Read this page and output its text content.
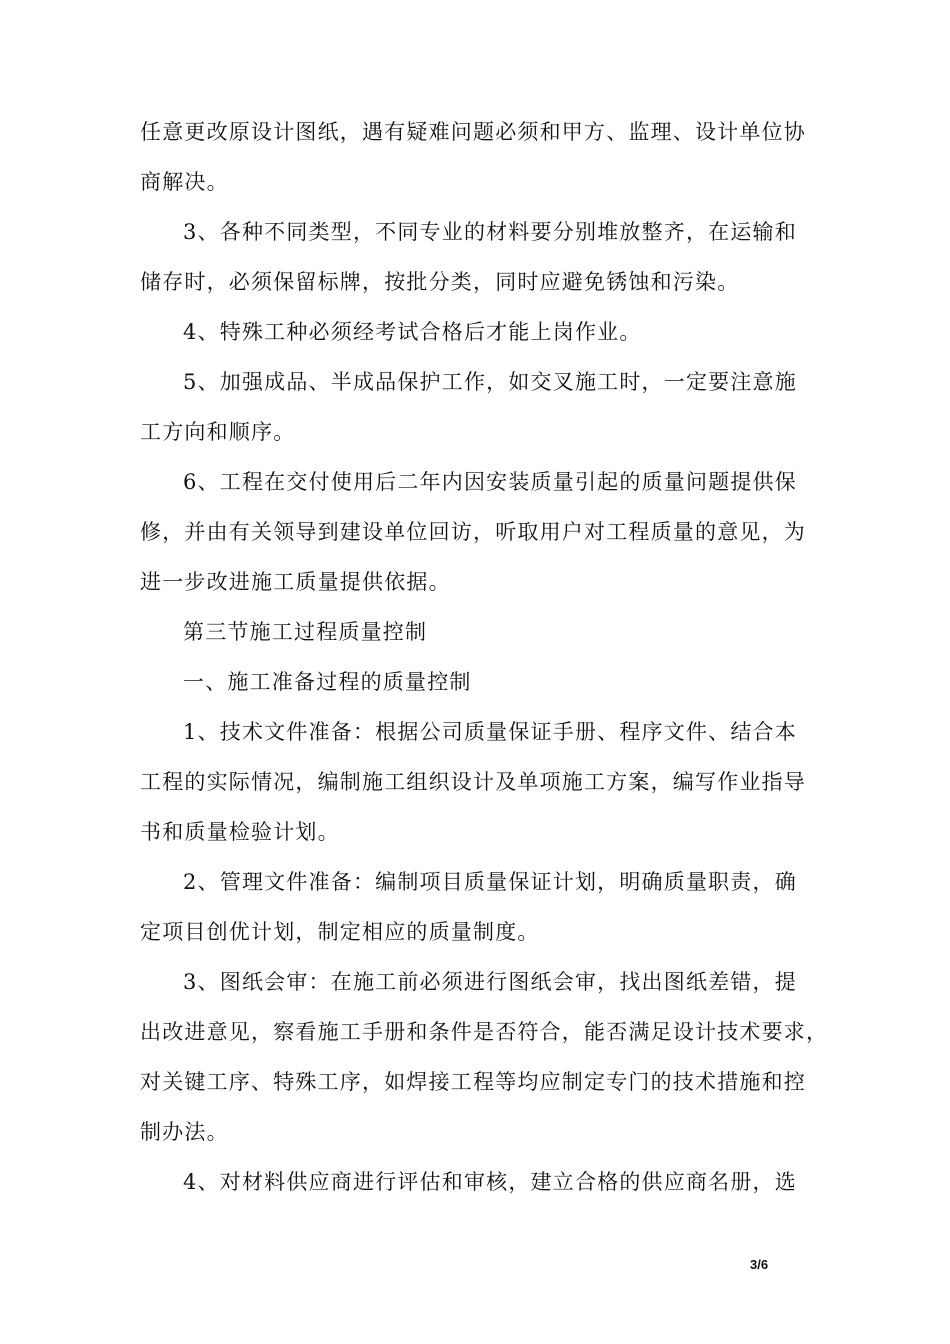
任意更改原设计图纸，遇有疑难问题必须和甲方、监理、设计单位协
商解决。
3、各种不同类型，不同专业的材料要分别堆放整齐，在运输和
储存时，必须保留标牌，按批分类，同时应避免锈蚀和污染。
4、特殊工种必须经考试合格后才能上岗作业。
5、加强成品、半成品保护工作，如交叉施工时，一定要注意施
工方向和顺序。
6、工程在交付使用后二年内因安装质量引起的质量问题提供保
修，并由有关领导到建设单位回访，听取用户对工程质量的意见，为
进一步改进施工质量提供依据。
第三节施工过程质量控制
一、施工准备过程的质量控制
1、技术文件准备：根据公司质量保证手册、程序文件、结合本
工程的实际情况，编制施工组织设计及单项施工方案，编写作业指导
书和质量检验计划。
2、管理文件准备：编制项目质量保证计划，明确质量职责，确
定项目创优计划，制定相应的质量制度。
3、图纸会审：在施工前必须进行图纸会审，找出图纸差错，提
出改进意见，察看施工手册和条件是否符合，能否满足设计技术要求，
对关键工序、特殊工序，如焊接工程等均应制定专门的技术措施和控
制办法。
4、对材料供应商进行评估和审核，建立合格的供应商名册，选
3/6
